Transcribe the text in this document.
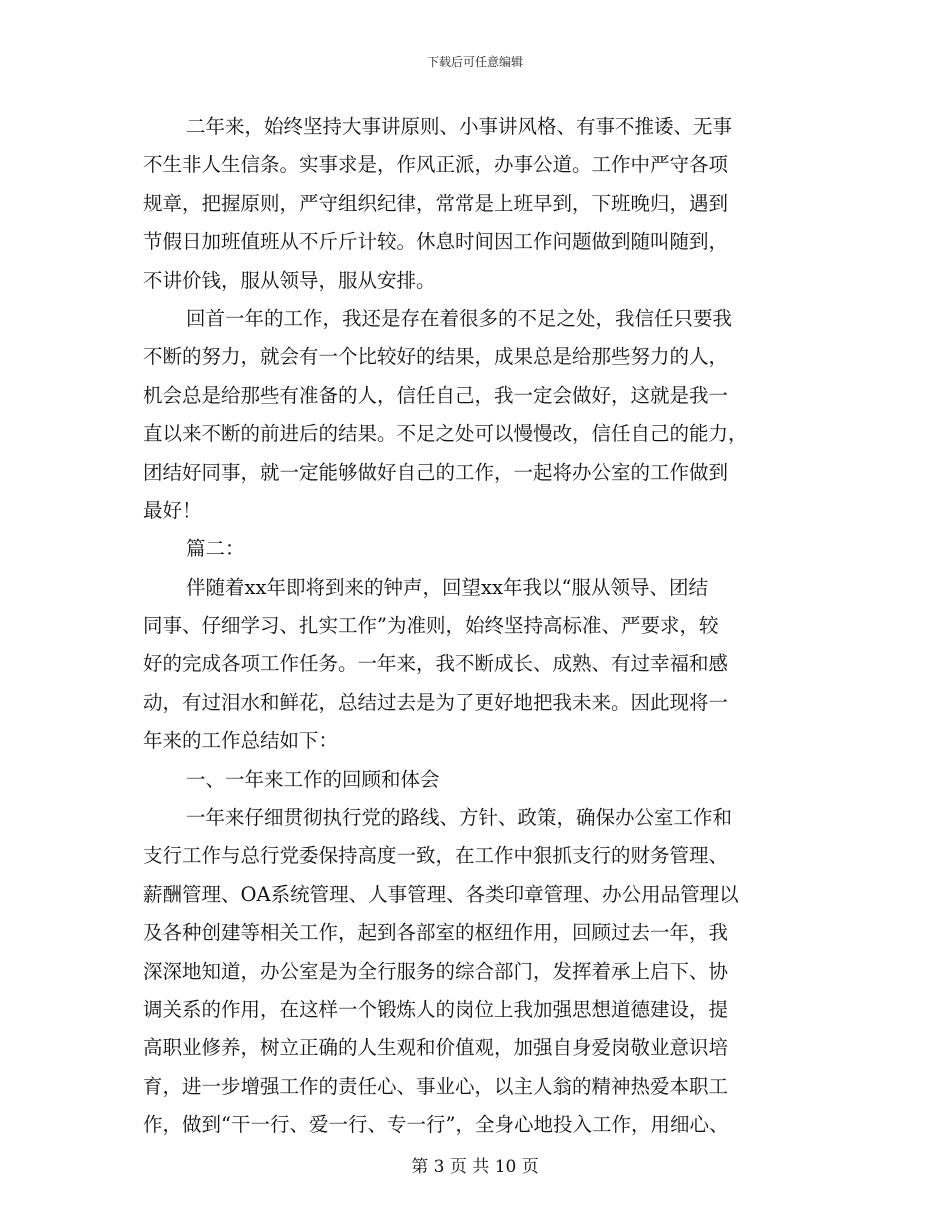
下载后可任意编辑
二年来，始终坚持大事讲原则、小事讲风格、有事不推诿、无事
不生非人生信条。实事求是，作风正派，办事公道。工作中严守各项
规章，把握原则，严守组织纪律，常常是上班早到，下班晚归，遇到
节假日加班值班从不斤斤计较。休息时间因工作问题做到随叫随到，
不讲价钱，服从领导，服从安排。
回首一年的工作，我还是存在着很多的不足之处，我信任只要我
不断的努力，就会有一个比较好的结果，成果总是给那些努力的人，
机会总是给那些有准备的人，信任自己，我一定会做好，这就是我一
直以来不断的前进后的结果。不足之处可以慢慢改，信任自己的能力，
团结好同事，就一定能够做好自己的工作，一起将办公室的工作做到
最好！
篇二：
伴随着xx年即将到来的钟声，回望xx年我以“服从领导、团结
同事、仔细学习、扎实工作”为准则，始终坚持高标准、严要求，较
好的完成各项工作任务。一年来，我不断成长、成熟、有过幸福和感
动，有过泪水和鲜花，总结过去是为了更好地把我未来。因此现将一
年来的工作总结如下：
一、一年来工作的回顾和体会
一年来仔细贯彻执行党的路线、方针、政策，确保办公室工作和
支行工作与总行党委保持高度一致，在工作中狠抓支行的财务管理、
薪酬管理、OA系统管理、人事管理、各类印章管理、办公用品管理以
及各种创建等相关工作，起到各部室的枢纽作用，回顾过去一年，我
深深地知道，办公室是为全行服务的综合部门，发挥着承上启下、协
调关系的作用，在这样一个锻炼人的岗位上我加强思想道德建设，提
高职业修养，树立正确的人生观和价值观，加强自身爱岗敬业意识培
育，进一步增强工作的责任心、事业心，以主人翁的精神热爱本职工
作，做到“干一行、爱一行、专一行”，全身心地投入工作，用细心、
第 3 页 共 10 页
